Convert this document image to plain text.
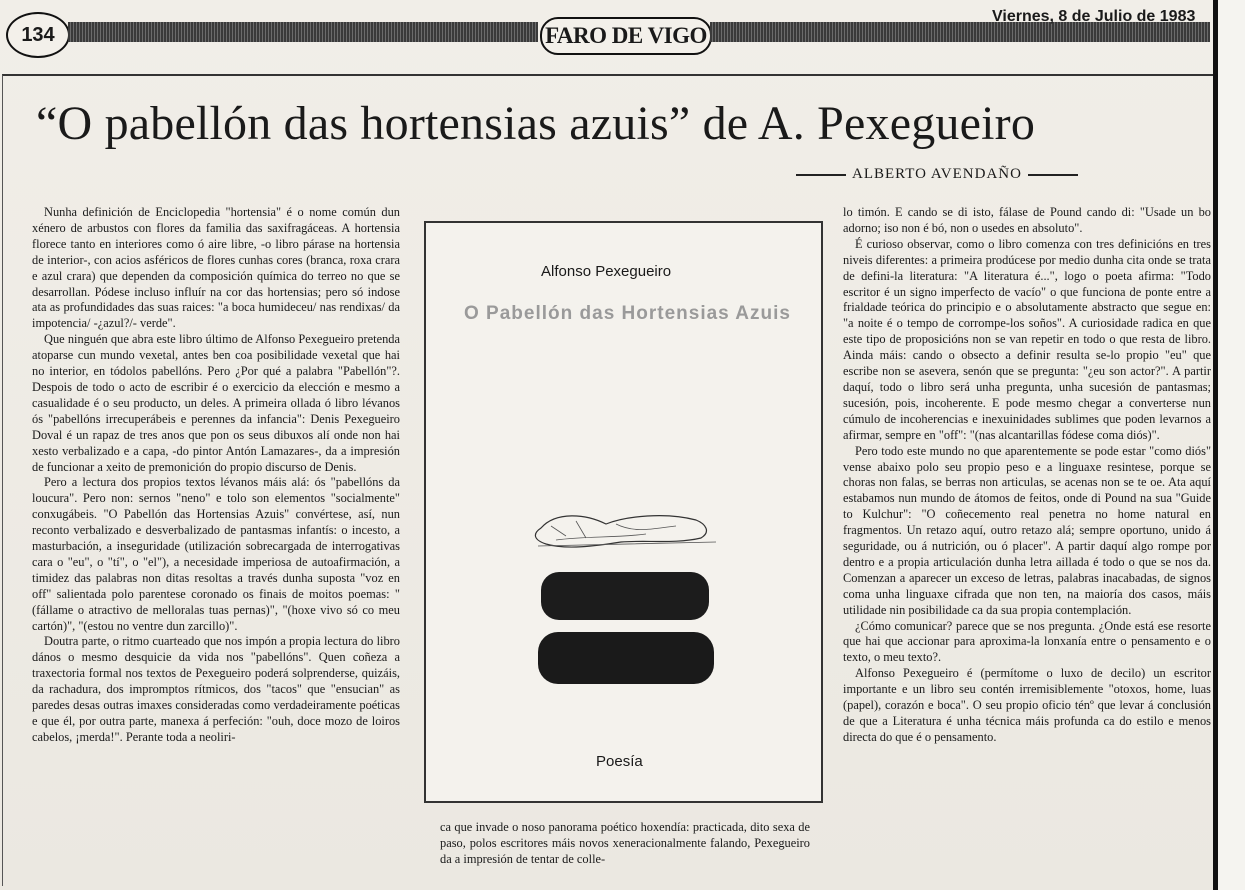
134	FARO DE VIGO
Viernes, 8 de Julio de 1983
“O pabellón das hortensias azuis” de A. Pexegueiro
ALBERTO AVENDAÑO

Nunha definición de Enciclopedia "hortensia" é o nome común dun xénero de arbustos con flores da familia das saxifragáceas. A hortensia florece tanto en interiores como ó aire libre, -o libro párase na hortensia de interior-, con acios asféricos de flores cunhas cores (branca, roxa crara e azul crara) que dependen da composición química do terreo no que se desarrollan. Pódese incluso influír na cor das hortensias; pero só indose ata as profundidades das suas raices: "a boca humideceu/ nas rendixas/ da impotencia/ -¿azul?/- verde".

Que ninguén que abra este libro último de Alfonso Pexegueiro pretenda atoparse cun mundo vexetal, antes ben coa posibilidade vexetal que hai no interior, en tódolos pabellóns. Pero ¿Por qué a palabra "Pabellón"?. Despois de todo o acto de escribir é o exercicio da elección e mesmo a casualidade é o seu producto, un deles. A primeira ollada ó libro lévanos ós "pabellóns irrecuperábeis e perennes da infancia": Denis Pexegueiro Doval é un rapaz de tres anos que pon os seus dibuxos alí onde non hai xesto verbalizado e a capa, -do pintor Antón Lamazares-, da a impresión de funcionar a xeito de premonición do propio discurso de Denis.

Pero a lectura dos propios textos lévanos máis alá: ós "pabellóns da loucura". Pero non: sernos "neno" e tolo son elementos "socialmente" conxugábeis. "O Pabellón das Hortensias Azuis" convértese, así, nun reconto verbalizado e desverbalizado de pantasmas infantís: o incesto, a masturbación, a inseguridade (utilización sobrecargada de interrogativas cara o "eu", o "tí", o "el"), a necesidade imperiosa de autoafirmación, a timidez das palabras non ditas resoltas a través dunha suposta "voz en off" salientada polo parentese coronado os finais de moitos poemas: "(fállame o atractivo de melloralas tuas pernas)", "(hoxe vivo só co meu cartón)", "(estou no ventre dun zarcillo)".

Doutra parte, o ritmo cuarteado que nos impón a propia lectura do libro dános o mesmo desquicie da vida nos "pabellóns". Quen coñeza a traxectoria formal nos textos de Pexegueiro poderá solprenderse, quizáis, da rachadura, dos impromptos rítmicos, dos "tacos" que "ensucian" as paredes desas outras imaxes consideradas como verdadeiramente poéticas e que él, por outra parte, manexa á perfeción: "ouh, doce mozo de loiros cabelos, ¡merda!". Perante toda a neoliri-

Alfonso Pexegueiro
O Pabellón das Hortensias Azuis
Poesía

ca que invade o noso panorama poético hoxendía: practicada, dito sexa de paso, polos escritores máis novos xeneracionalmente falando, Pexegueiro da a impresión de tentar de colle-

lo timón. E cando se di isto, fálase de Pound cando di: "Usade un bo adorno; iso non é bó, non o usedes en absoluto".

É curioso observar, como o libro comenza con tres definicións en tres niveis diferentes: a primeira prodúcese por medio dunha cita onde se trata de defini-la literatura: "A literatura é...", logo o poeta afirma: "Todo escritor é un signo imperfecto de vacío" o que funciona de ponte entre a frialdade teórica do principio e o absolutamente abstracto que segue en: "a noite é o tempo de corrompe-los soños". A curiosidade radica en que este tipo de proposicións non se van repetir en todo o que resta de libro. Ainda máis: cando o obsecto a definir resulta se-lo propio "eu" que escribe non se asevera, senón que se pregunta: "¿eu son actor?". A partir daquí, todo o libro será unha pregunta, unha sucesión de pantasmas; sucesión, pois, incoherente. E pode mesmo chegar a converterse nun cúmulo de incoherencias e inexuinidades sublimes que poden levarnos a afirmar, sempre en "off": "(nas alcantarillas fódese coma diós)".

Pero todo este mundo no que aparentemente se pode estar "como diós" vense abaixo polo seu propio peso e a linguaxe resintese, porque se choras non falas, se berras non articulas, se acenas non se te oe. Ata aquí estabamos nun mundo de átomos de feitos, onde di Pound na sua "Guide to Kulchur": "O coñecemento real penetra no home natural en fragmentos. Un retazo aquí, outro retazo alá; sempre oportuno, unido á seguridade, ou á nutrición, ou ó placer". A partir daquí algo rompe por dentro e a propia articulación dunha letra aillada é todo o que se nos da. Comenzan a aparecer un exceso de letras, palabras inacabadas, de signos coma unha linguaxe cifrada que non ten, na maioría dos casos, máis utilidade nin posibilidade ca da sua propia contemplación.

¿Cómo comunicar? parece que se nos pregunta. ¿Onde está ese resorte que hai que accionar para aproxima-la lonxanía entre o pensamento e o texto, o meu texto?.

Alfonso Pexegueiro é (permítome o luxo de decilo) un escritor importante e un libro seu contén irremisiblemente "otoxos, home, luas (papel), corazón e boca". O seu propio oficio ténº que levar á conclusión de que a Literatura é unha técnica máis profunda ca do estilo e menos directa do que é o pensamento.
